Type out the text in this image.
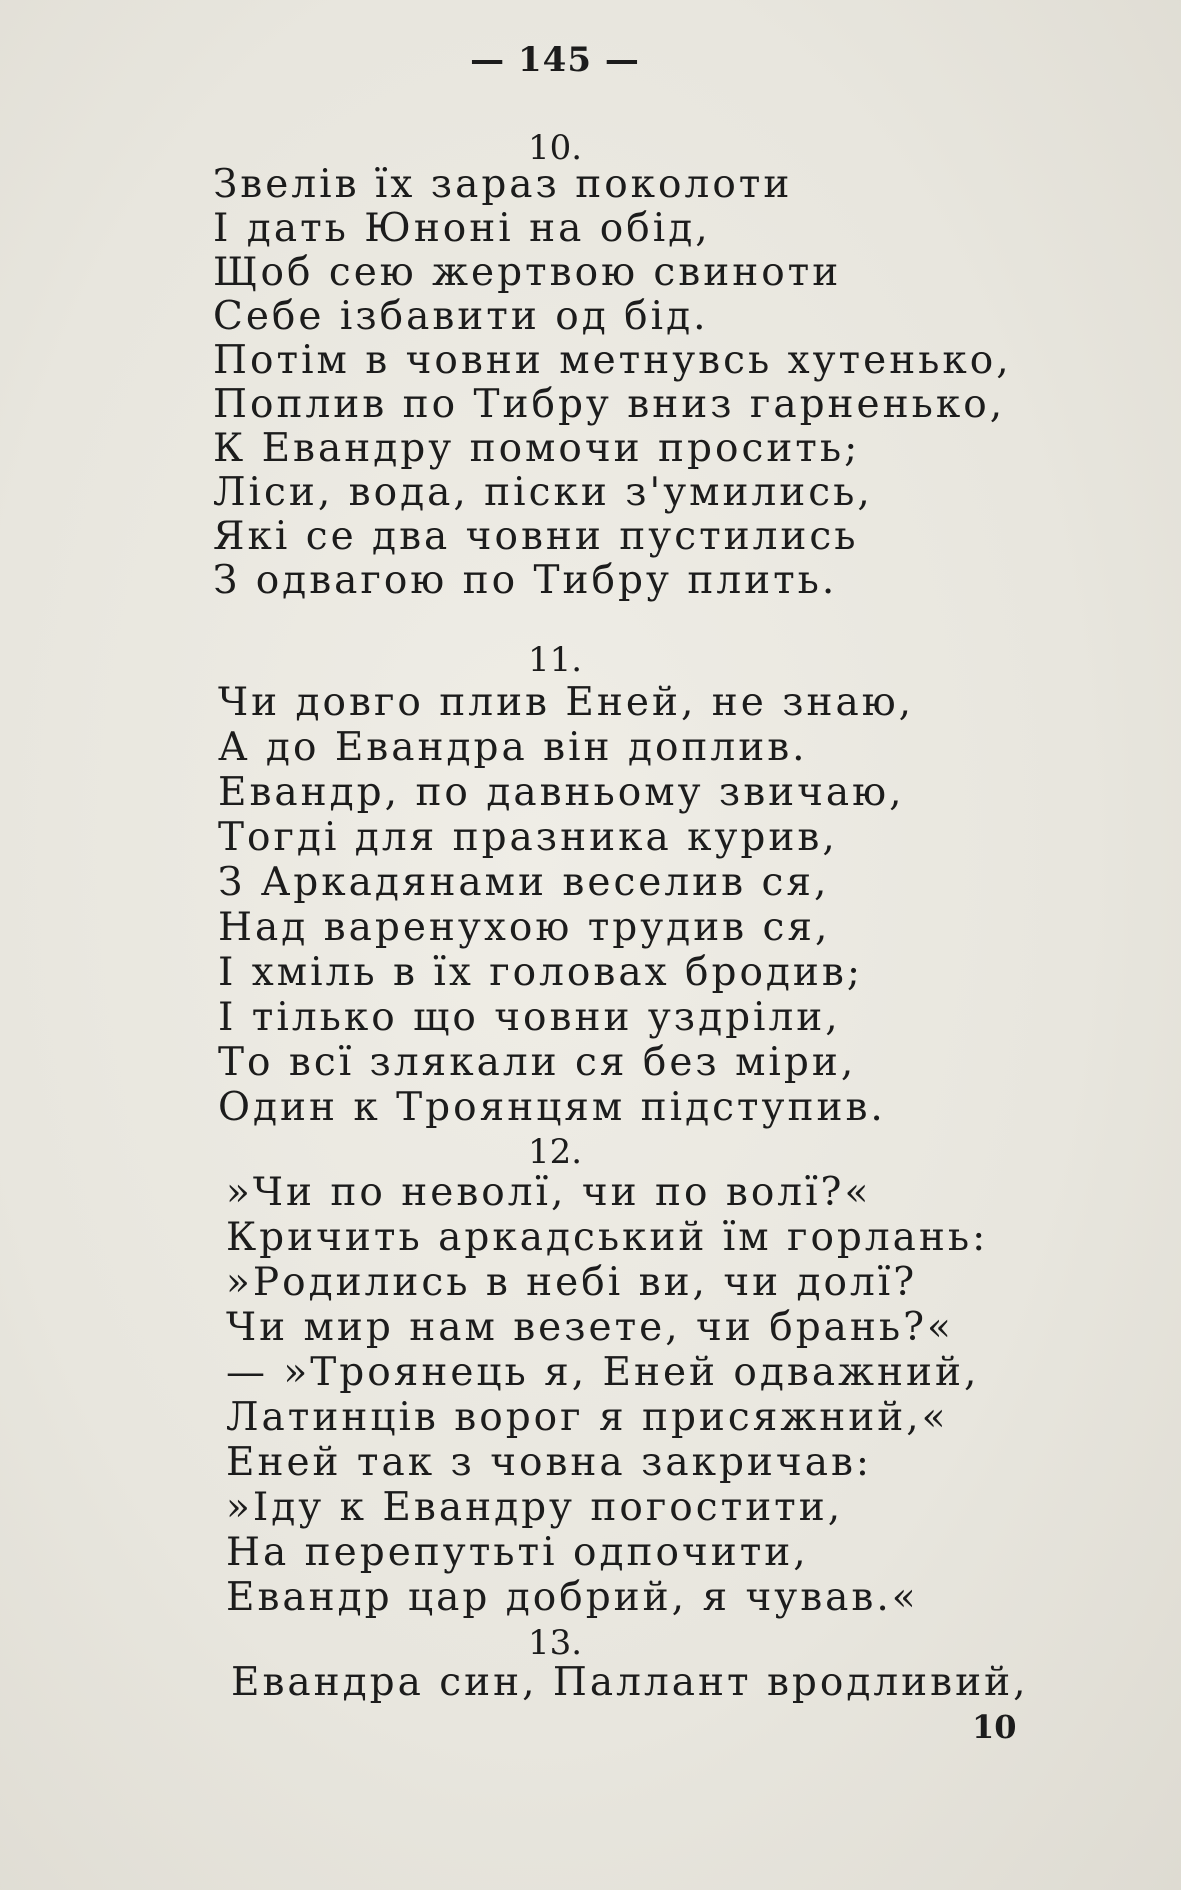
— 145 —
10.
Звелів їх зараз поколоти
І дать Юноні на обід,
Щоб сею жертвою свиноти
Себе ізбавити од бід.
Потім в човни метнувсь хутенько,
Поплив по Тибру вниз гарненько,
К Евандру помочи просить;
Ліси, вода, піски з'умились,
Які се два човни пустились
З одвагою по Тибру плить.
11.
Чи довго плив Еней, не знаю,
А до Евандра він доплив.
Евандр, по давньому звичаю,
Тогді для празника курив,
З Аркадянами веселив ся,
Над варенухою трудив ся,
І хміль в їх головах бродив;
І тілько що човни уздріли,
То всї злякали ся без міри,
Один к Троянцям підступив.
12.
»Чи по неволї, чи по волї?«
Кричить аркадський їм горлань:
»Родились в небі ви, чи долї?
Чи мир нам везете, чи брань?«
— »Троянець я, Еней одважний,
Латинців ворог я присяжний,«
Еней так з човна закричав:
»Іду к Евандру погостити,
На перепутьті одпочити,
Евандр цар добрий, я чував.«
13.
Евандра син, Паллант вродливий,
10
